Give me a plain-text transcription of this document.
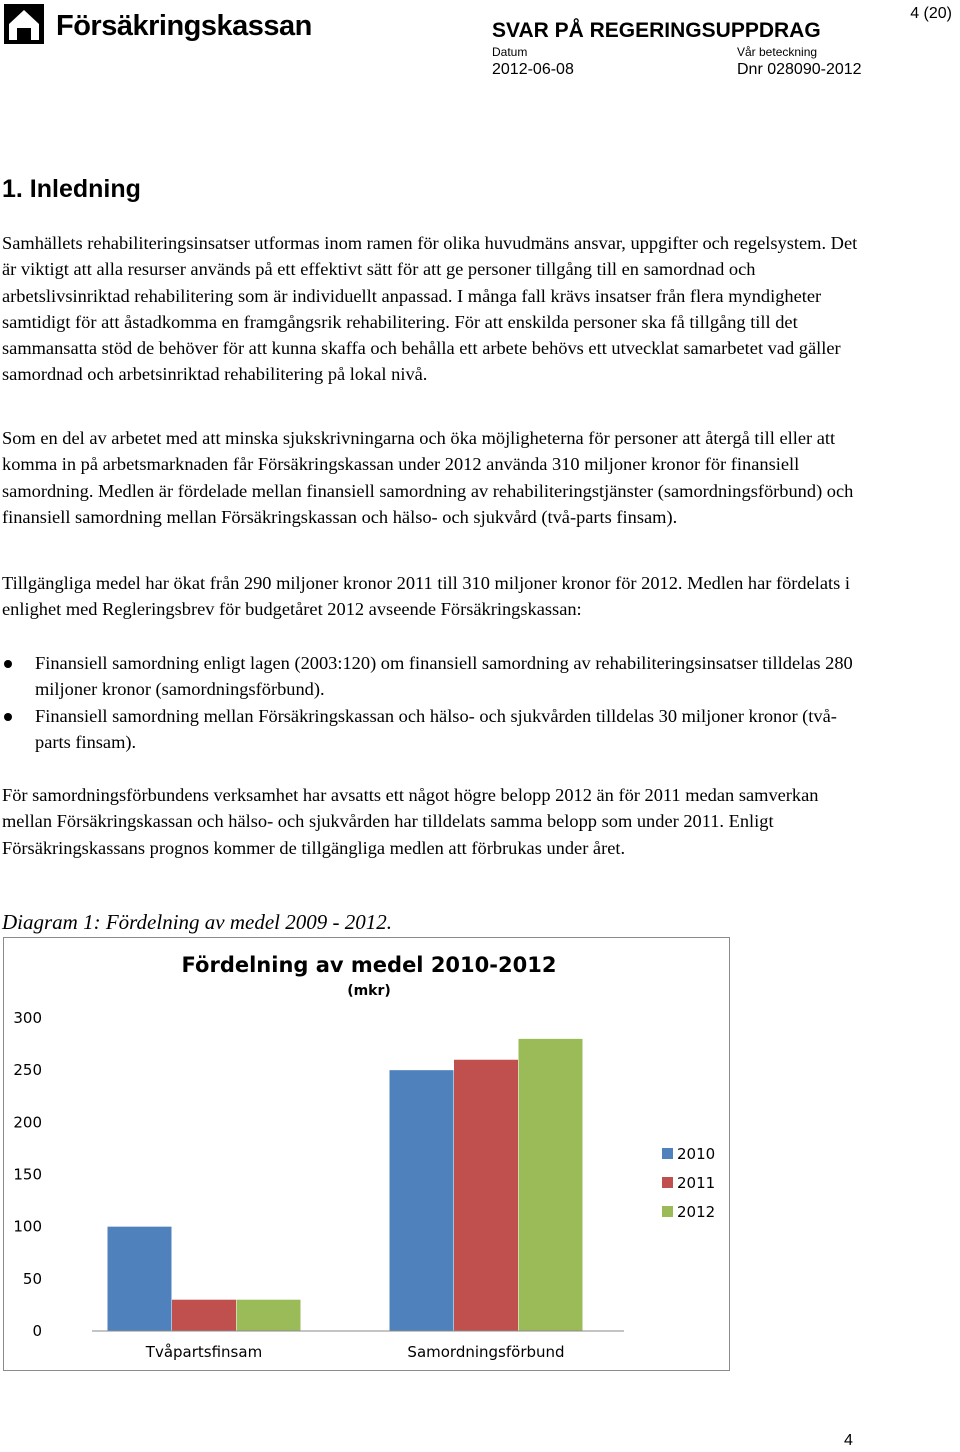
Försäkringskassan	SVAR PÅ REGERINGSUPPDRAG
Datum	Vår beteckning
2012-06-08	Dnr 028090-2012
4 (20)
1. Inledning

Samhällets rehabiliteringsinsatser utformas inom ramen för olika huvudmäns ansvar, uppgifter och regelsystem. Det är viktigt att alla resurser används på ett effektivt sätt för att ge personer tillgång till en samordnad och arbetslivsinriktad rehabilitering som är individuellt anpassad. I många fall krävs insatser från flera myndigheter samtidigt för att åstadkomma en framgångsrik rehabilitering. För att enskilda personer ska få tillgång till det sammansatta stöd de behöver för att kunna skaffa och behålla ett arbete behövs ett utvecklat samarbetet vad gäller samordnad och arbetsinriktad rehabilitering på lokal nivå.

Som en del av arbetet med att minska sjukskrivningarna och öka möjligheterna för personer att återgå till eller att komma in på arbetsmarknaden får Försäkringskassan under 2012 använda 310 miljoner kronor för finansiell samordning. Medlen är fördelade mellan finansiell samordning av rehabiliteringstjänster (samordningsförbund) och finansiell samordning mellan Försäkringskassan och hälso- och sjukvård (två-parts finsam).

Tillgängliga medel har ökat från 290 miljoner kronor 2011 till 310 miljoner kronor för 2012. Medlen har fördelats i enlighet med Regleringsbrev för budgetåret 2012 avseende Försäkringskassan:

Finansiell samordning enligt lagen (2003:120) om finansiell samordning av rehabiliteringsinsatser tilldelas 280 miljoner kronor (samordningsförbund).
Finansiell samordning mellan Försäkringskassan och hälso- och sjukvården tilldelas 30 miljoner kronor (två-parts finsam).

För samordningsförbundens verksamhet har avsatts ett något högre belopp 2012 än för 2011 medan samverkan mellan Försäkringskassan och hälso- och sjukvården har tilldelats samma belopp som under 2011. Enligt Försäkringskassans prognos kommer de tillgängliga medlen att förbrukas under året.

Diagram 1: Fördelning av medel 2009 - 2012.
Fördelning av medel 2010-2012
(mkr)
0
50
100
150
200
250
300
Tvåpartsfinsam	Samordningsförbund
2010
2011
2012
4
